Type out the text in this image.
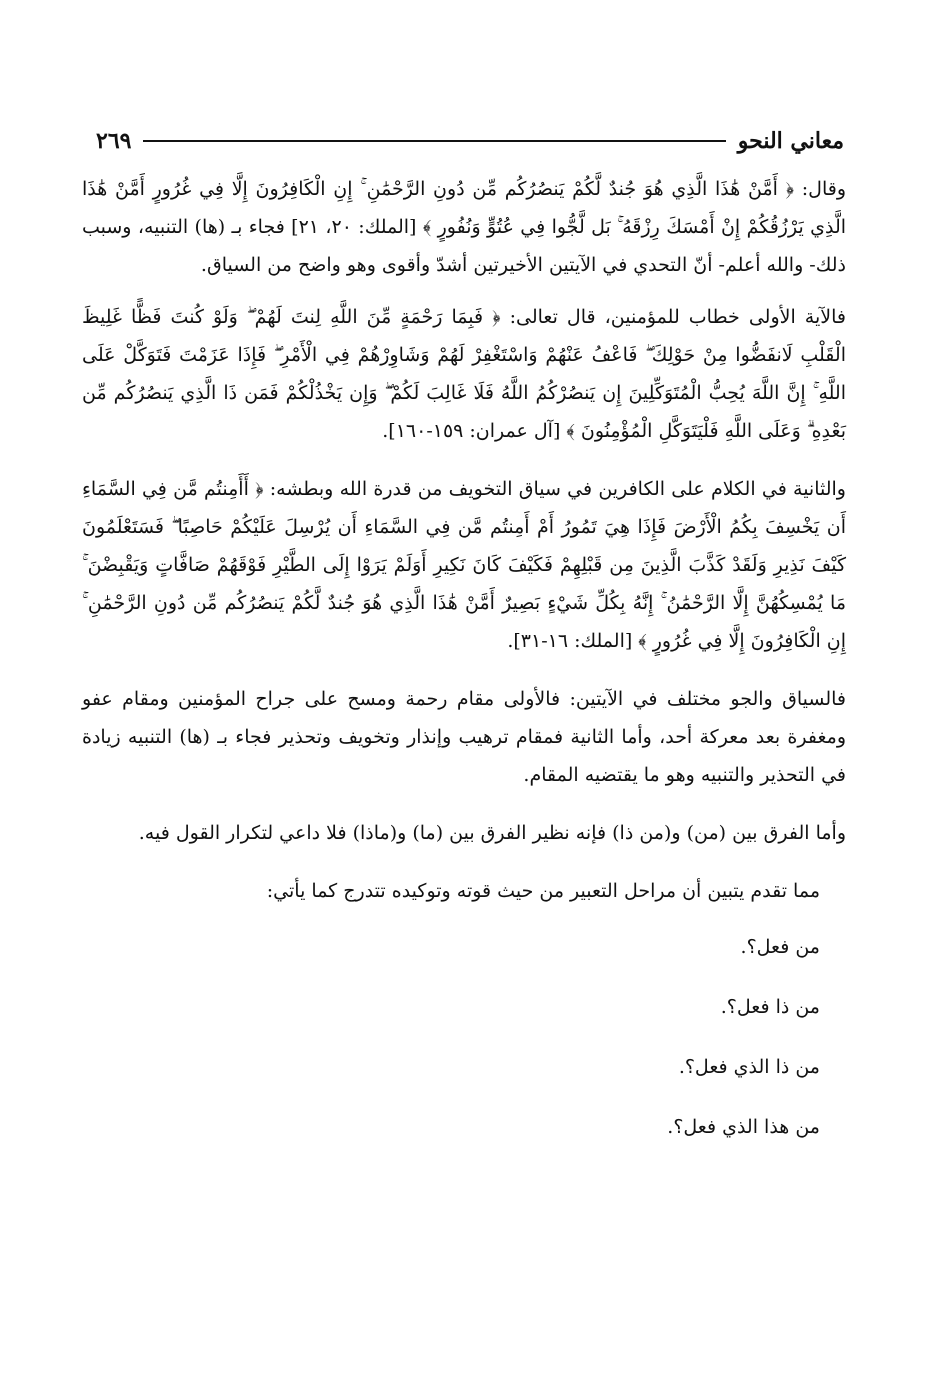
معاني النحو
٢٦٩

وقال: ﴿ أَمَّنْ هَٰذَا الَّذِي هُوَ جُندٌ لَّكُمْ يَنصُرُكُم مِّن دُونِ الرَّحْمَٰنِ ۚ إِنِ الْكَافِرُونَ إِلَّا فِي غُرُورٍ أَمَّنْ هَٰذَا الَّذِي يَرْزُقُكُمْ إِنْ أَمْسَكَ رِزْقَهُ ۚ بَل لَّجُّوا فِي عُتُوٍّ وَنُفُورٍ ﴾ [الملك: ٢٠، ٢١] فجاء بـ (ها) التنبيه، وسبب ذلك- والله أعلم- أنّ التحدي في الآيتين الأخيرتين أشدّ وأقوى وهو واضح من السياق.

فالآية الأولى خطاب للمؤمنين، قال تعالى: ﴿ فَبِمَا رَحْمَةٍ مِّنَ اللَّهِ لِنتَ لَهُمْ ۖ وَلَوْ كُنتَ فَظًّا غَلِيظَ الْقَلْبِ لَانفَضُّوا مِنْ حَوْلِكَ ۖ فَاعْفُ عَنْهُمْ وَاسْتَغْفِرْ لَهُمْ وَشَاوِرْهُمْ فِي الْأَمْرِ ۖ فَإِذَا عَزَمْتَ فَتَوَكَّلْ عَلَى اللَّهِ ۚ إِنَّ اللَّهَ يُحِبُّ الْمُتَوَكِّلِينَ إِن يَنصُرْكُمُ اللَّهُ فَلَا غَالِبَ لَكُمْ ۖ وَإِن يَخْذُلْكُمْ فَمَن ذَا الَّذِي يَنصُرُكُم مِّن بَعْدِهِ ۗ وَعَلَى اللَّهِ فَلْيَتَوَكَّلِ الْمُؤْمِنُونَ ﴾ [آل عمران: ١٥٩-١٦٠].

والثانية في الكلام على الكافرين في سياق التخويف من قدرة الله وبطشه: ﴿ أَأَمِنتُم مَّن فِي السَّمَاءِ أَن يَخْسِفَ بِكُمُ الْأَرْضَ فَإِذَا هِيَ تَمُورُ أَمْ أَمِنتُم مَّن فِي السَّمَاءِ أَن يُرْسِلَ عَلَيْكُمْ حَاصِبًا ۖ فَسَتَعْلَمُونَ كَيْفَ نَذِيرِ وَلَقَدْ كَذَّبَ الَّذِينَ مِن قَبْلِهِمْ فَكَيْفَ كَانَ نَكِيرِ أَوَلَمْ يَرَوْا إِلَى الطَّيْرِ فَوْقَهُمْ صَافَّاتٍ وَيَقْبِضْنَ ۚ مَا يُمْسِكُهُنَّ إِلَّا الرَّحْمَٰنُ ۚ إِنَّهُ بِكُلِّ شَيْءٍ بَصِيرٌ أَمَّنْ هَٰذَا الَّذِي هُوَ جُندٌ لَّكُمْ يَنصُرُكُم مِّن دُونِ الرَّحْمَٰنِ ۚ إِنِ الْكَافِرُونَ إِلَّا فِي غُرُورٍ ﴾ [الملك: ١٦-٣١].

فالسياق والجو مختلف في الآيتين: فالأولى مقام رحمة ومسح على جراح المؤمنين ومقام عفو ومغفرة بعد معركة أحد، وأما الثانية فمقام ترهيب وإنذار وتخويف وتحذير فجاء بـ (ها) التنبيه زيادة في التحذير والتنبيه وهو ما يقتضيه المقام.

وأما الفرق بين (من) و(من ذا) فإنه نظير الفرق بين (ما) و(ماذا) فلا داعي لتكرار القول فيه.

مما تقدم يتبين أن مراحل التعبير من حيث قوته وتوكيده تتدرج كما يأتي:

من فعل؟.

من ذا فعل؟.

من ذا الذي فعل؟.

من هذا الذي فعل؟.
